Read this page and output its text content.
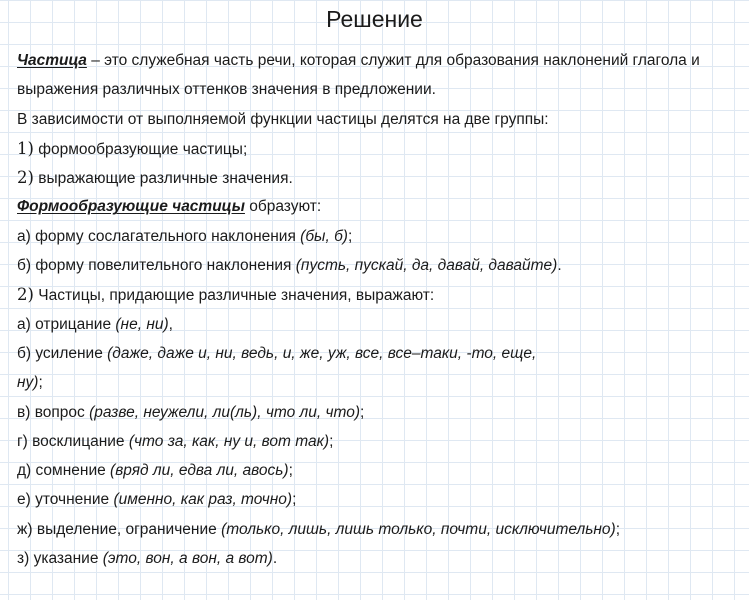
Решение
Частица – это служебная часть речи, которая служит для образования наклонений глагола и
выражения различных оттенков значения в предложении.
В зависимости от выполняемой функции частицы делятся на две группы:
1) формообразующие частицы;
2) выражающие различные значения.
Формообразующие частицы образуют:
а) форму сослагательного наклонения (бы, б);
б) форму повелительного наклонения (пусть, пускай, да, давай, давайте).
2) Частицы, придающие различные значения, выражают:
а) отрицание (не, ни),
б) усиление (даже, даже и, ни, ведь, и, же, уж, все, все–таки, -то, еще,
ну);
в) вопрос (разве, неужели, ли(ль), что ли, что);
г) восклицание (что за, как, ну и, вот так);
д) сомнение (вряд ли, едва ли, авось);
е) уточнение (именно, как раз, точно);
ж) выделение, ограничение (только, лишь, лишь только, почти, исключительно);
з) указание (это, вон, а вон, а вот).
